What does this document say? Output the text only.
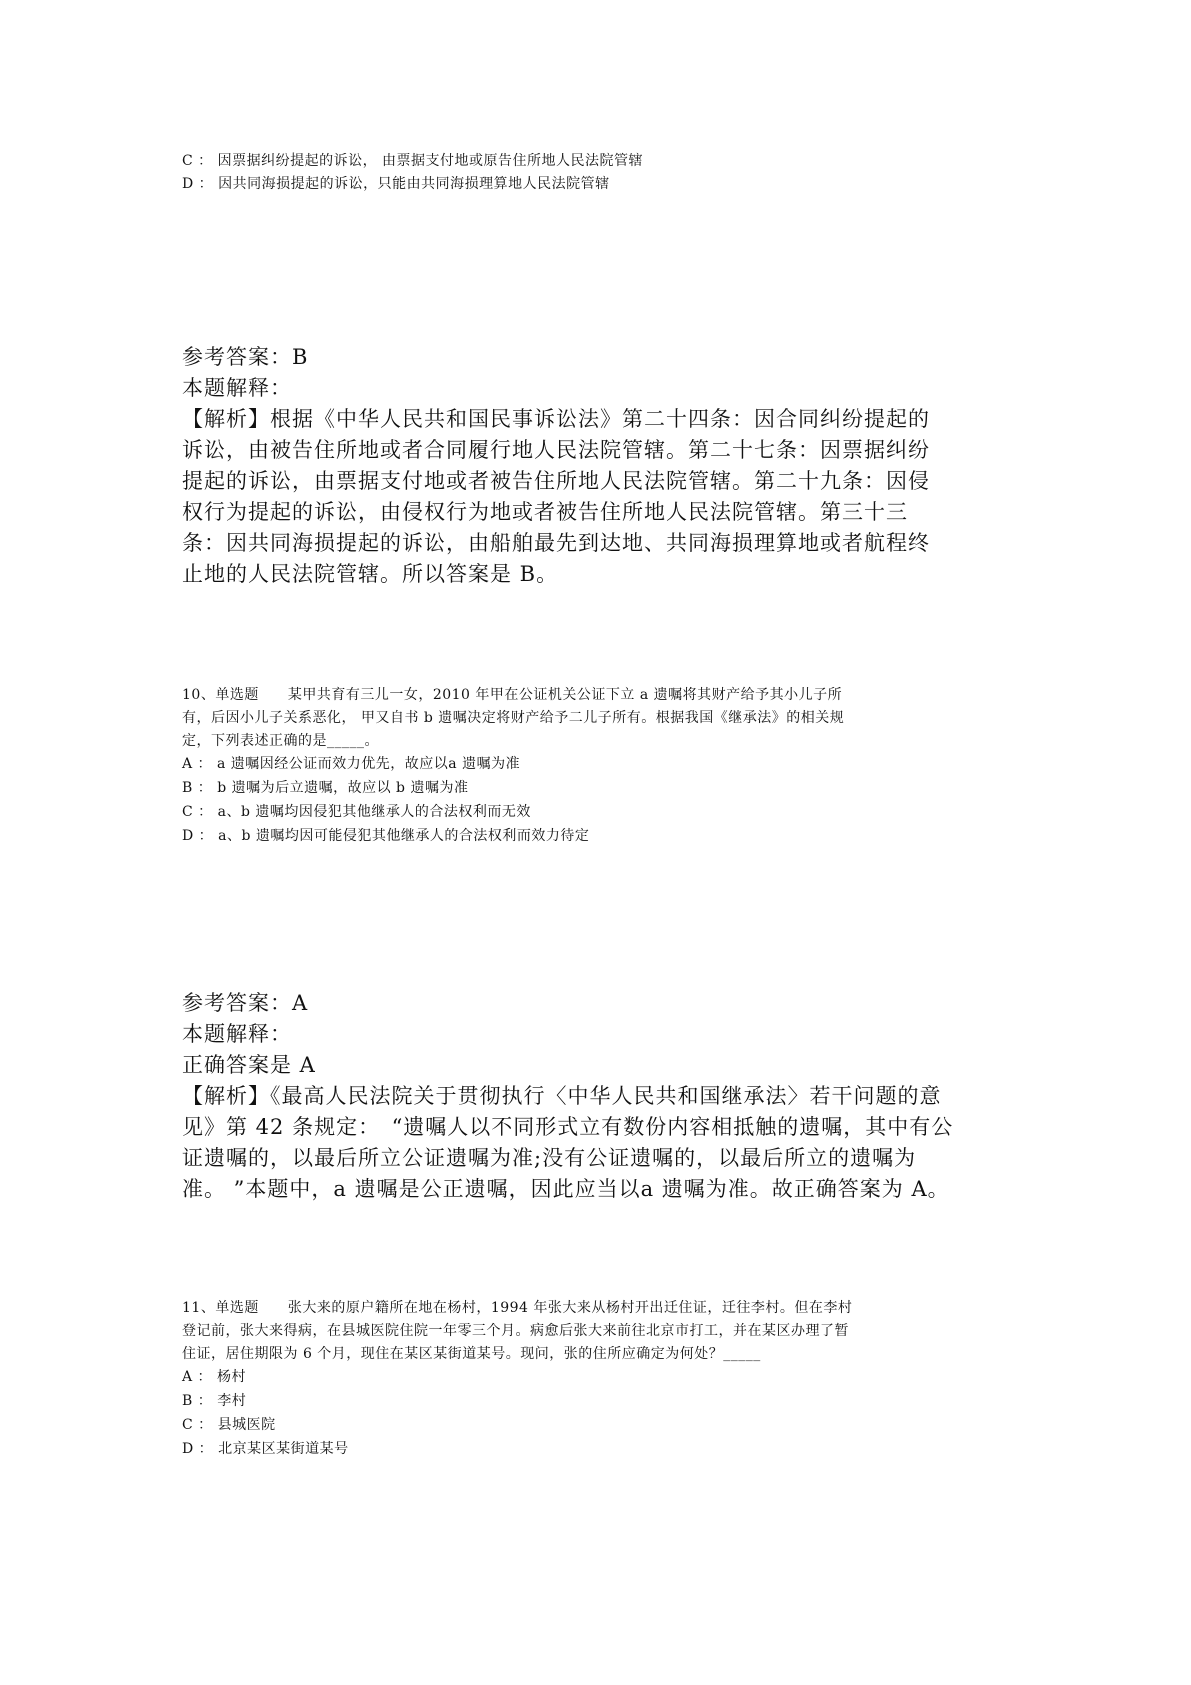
C ： 因票据纠纷提起的诉讼， 由票据支付地或原告住所地人民法院管辖
D ： 因共同海损提起的诉讼，只能由共同海损理算地人民法院管辖
参考答案：B
本题解释：
【解析】根据《中华人民共和国民事诉讼法》第二十四条：因合同纠纷提起的
诉讼，由被告住所地或者合同履行地人民法院管辖。第二十七条：因票据纠纷
提起的诉讼，由票据支付地或者被告住所地人民法院管辖。第二十九条：因侵
权行为提起的诉讼，由侵权行为地或者被告住所地人民法院管辖。第三十三
条：因共同海损提起的诉讼，由船舶最先到达地、共同海损理算地或者航程终
止地的人民法院管辖。所以答案是 B。
10、单选题　　某甲共育有三儿一女，2010 年甲在公证机关公证下立 a 遗嘱将其财产给予其小儿子所
有，后因小儿子关系恶化， 甲又自书 b 遗嘱决定将财产给予二儿子所有。根据我国《继承法》的相关规
定，下列表述正确的是_____。
A ： a 遗嘱因经公证而效力优先，故应以a 遗嘱为准
B ： b 遗嘱为后立遗嘱，故应以 b 遗嘱为准
C ： a、b 遗嘱均因侵犯其他继承人的合法权利而无效
D ： a、b 遗嘱均因可能侵犯其他继承人的合法权利而效力待定
参考答案：A
本题解释：
正确答案是 A
【解析】《最高人民法院关于贯彻执行〈中华人民共和国继承法〉若干问题的意
见》第 42 条规定：　“遗嘱人以不同形式立有数份内容相抵触的遗嘱，其中有公
证遗嘱的，以最后所立公证遗嘱为准;没有公证遗嘱的，以最后所立的遗嘱为
准。 ”本题中，a 遗嘱是公正遗嘱，因此应当以a 遗嘱为准。故正确答案为 A。
11、单选题　　张大来的原户籍所在地在杨村，1994 年张大来从杨村开出迁住证，迁往李村。但在李村
登记前，张大来得病，在县城医院住院一年零三个月。病愈后张大来前往北京市打工，并在某区办理了暂
住证，居住期限为 6 个月，现住在某区某街道某号。现问，张的住所应确定为何处？_____
A ： 杨村
B ： 李村
C ： 县城医院
D ： 北京某区某街道某号
